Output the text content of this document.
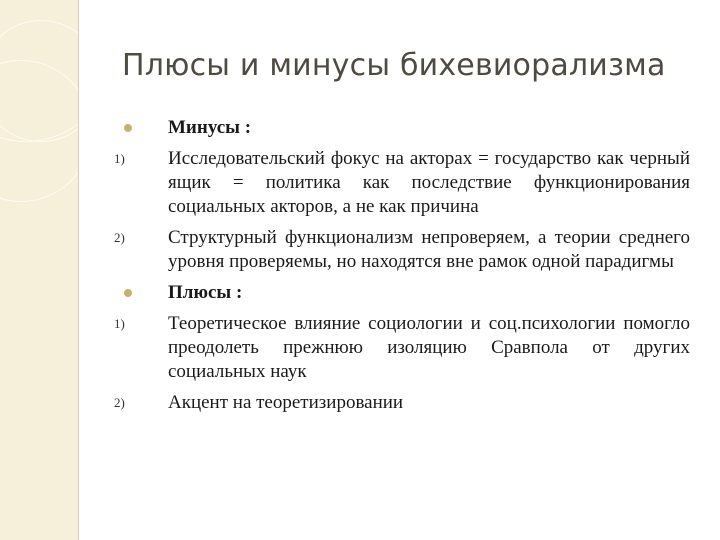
Плюсы и минусы бихевиорализма
Минусы :
1)	Исследовательский фокус на акторах = государство как черный ящик = политика как последствие функционирования социальных акторов, а не как причина
2)	Структурный функционализм непроверяем, а теории среднего уровня проверяемы, но находятся вне рамок одной парадигмы
Плюсы :
1)	Теоретическое влияние социологии и соц.психологии помогло преодолеть прежнюю изоляцию Сравпола от других социальных наук
2)	Акцент на теоретизировании
